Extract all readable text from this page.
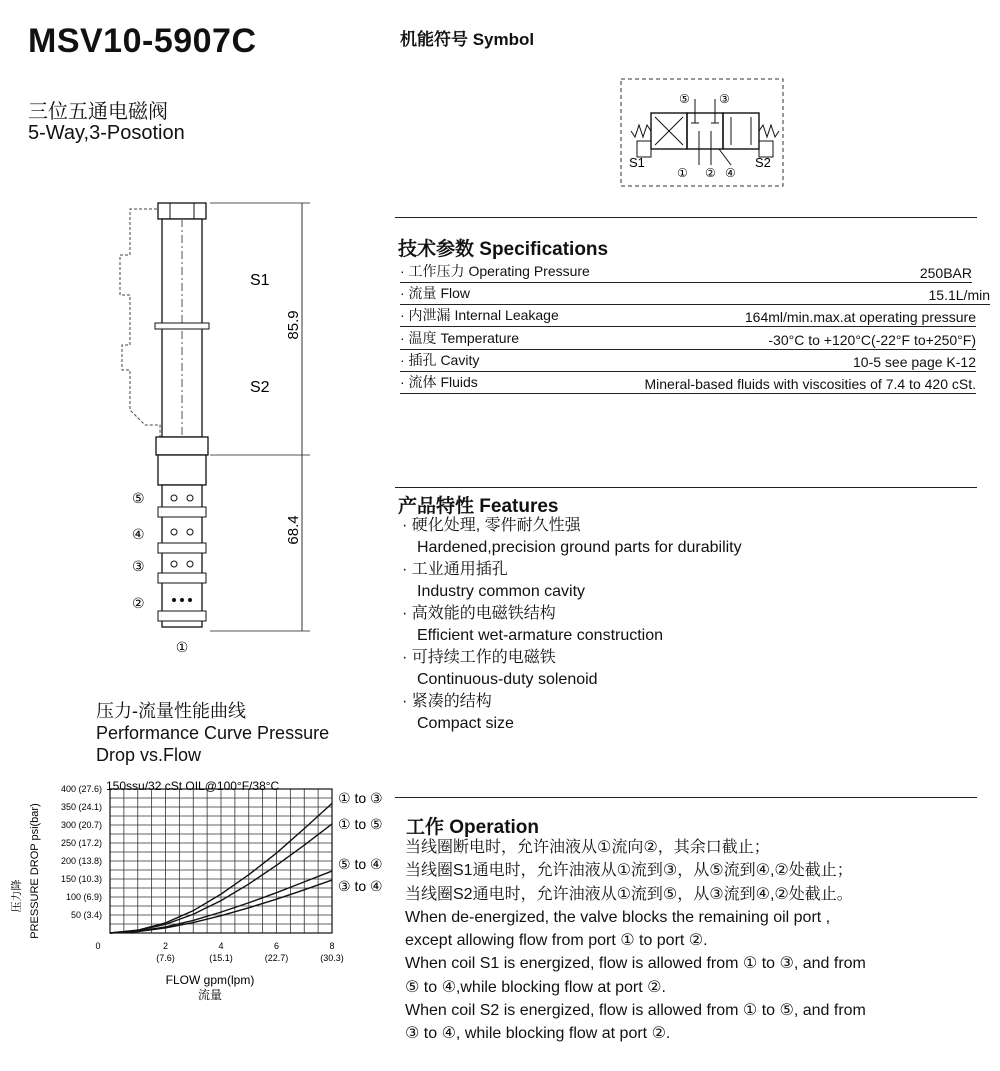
MSV10-5907C
三位五通电磁阀
5-Way,3-Posotion
机能符号 Symbol
⑤ ③
① ② ④
S1	S2
85.9
68.4
S1
S2
⑤
④
③
②
①
技术参数 Specifications
· 工作压力 Operating Pressure	250BAR
· 流量 Flow	15.1L/min
· 内泄漏 Internal Leakage	164ml/min.max.at operating pressure
· 温度 Temperature	-30°C to +120°C(-22°F to+250°F)
· 插孔 Cavity	10-5 see page K-12
· 流体 Fluids	Mineral-based fluids with viscosities of 7.4 to 420 cSt.
产品特性 Features
· 硬化处理, 零件耐久性强
Hardened,precision ground parts for durability
· 工业通用插孔
Industry common cavity
· 高效能的电磁铁结构
Efficient wet-armature construction
· 可持续工作的电磁铁
Continuous-duty solenoid
· 紧凑的结构
Compact size
压力-流量性能曲线
Performance Curve Pressure
Drop vs.Flow
150ssu/32 cSt OIL@100°F/38°C
400 (27.6)
350 (24.1)
300 (20.7)
250 (17.2)
200 (13.8)
150 (10.3)
100 (6.9)
50 (3.4)
0	2
(7.6)
4
(15.1)
6
(22.7)
8
(30.3)
FLOW gpm(lpm)
流量
PRESSURE DROP psi(bar)
压力降
① to ③
① to ⑤
⑤ to ④
③ to ④
工作 Operation
当线圈断电时，允许油液从①流向②，其余口截止；
当线圈S1通电时，允许油液从①流到③，从⑤流到④,②处截止；
当线圈S2通电时，允许油液从①流到⑤，从③流到④,②处截止。
When de-energized, the valve blocks the remaining oil port ,
except allowing flow from port ① to port ②.
When coil S1 is energized, flow is allowed from ① to ③, and from
⑤ to ④,while blocking flow at port ②.
When coil S2 is energized, flow is allowed from ① to ⑤, and from
③ to ④, while blocking flow at port ②.
